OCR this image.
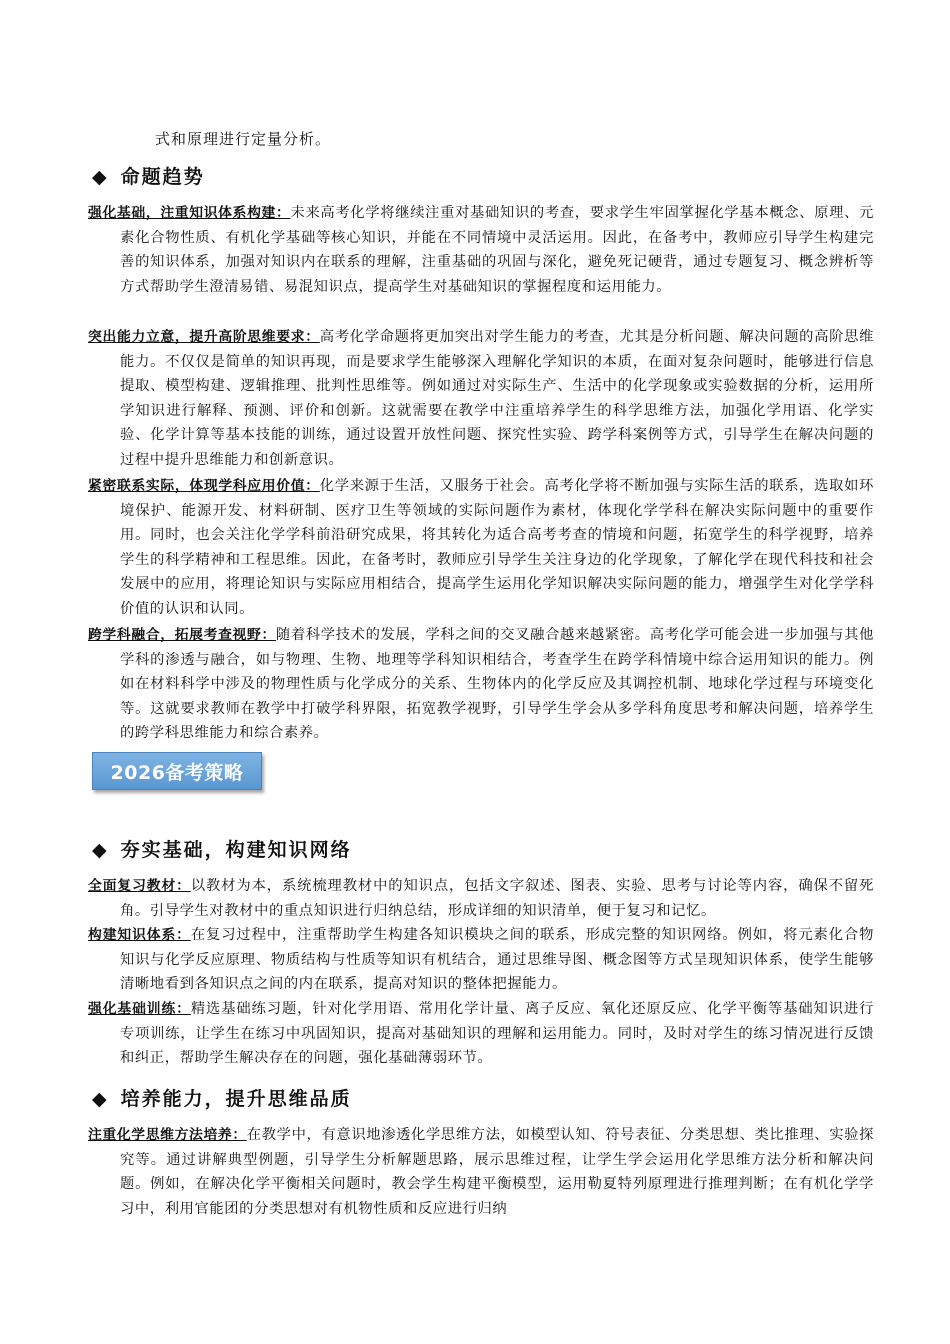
式和原理进行定量分析。
◆ 命题趋势
强化基础，注重知识体系构建：未来高考化学将继续注重对基础知识的考查，要求学生牢固掌握化学基本概念、原理、元素化合物性质、有机化学基础等核心知识，并能在不同情境中灵活运用。因此，在备考中，教师应引导学生构建完善的知识体系，加强对知识内在联系的理解，注重基础的巩固与深化，避免死记硬背，通过专题复习、概念辨析等方式帮助学生澄清易错、易混知识点，提高学生对基础知识的掌握程度和运用能力。
突出能力立意，提升高阶思维要求：高考化学命题将更加突出对学生能力的考查，尤其是分析问题、解决问题的高阶思维能力。不仅仅是简单的知识再现，而是要求学生能够深入理解化学知识的本质，在面对复杂问题时，能够进行信息提取、模型构建、逻辑推理、批判性思维等。例如通过对实际生产、生活中的化学现象或实验数据的分析，运用所学知识进行解释、预测、评价和创新。这就需要在教学中注重培养学生的科学思维方法，加强化学用语、化学实验、化学计算等基本技能的训练，通过设置开放性问题、探究性实验、跨学科案例等方式，引导学生在解决问题的过程中提升思维能力和创新意识。
紧密联系实际，体现学科应用价值：化学来源于生活，又服务于社会。高考化学将不断加强与实际生活的联系，选取如环境保护、能源开发、材料研制、医疗卫生等领域的实际问题作为素材，体现化学学科在解决实际问题中的重要作用。同时，也会关注化学学科前沿研究成果，将其转化为适合高考考查的情境和问题，拓宽学生的科学视野，培养学生的科学精神和工程思维。因此，在备考时，教师应引导学生关注身边的化学现象，了解化学在现代科技和社会发展中的应用，将理论知识与实际应用相结合，提高学生运用化学知识解决实际问题的能力，增强学生对化学学科价值的认识和认同。
跨学科融合，拓展考查视野：随着科学技术的发展，学科之间的交叉融合越来越紧密。高考化学可能会进一步加强与其他学科的渗透与融合，如与物理、生物、地理等学科知识相结合，考查学生在跨学科情境中综合运用知识的能力。例如在材料科学中涉及的物理性质与化学成分的关系、生物体内的化学反应及其调控机制、地球化学过程与环境变化等。这就要求教师在教学中打破学科界限，拓宽教学视野，引导学生学会从多学科角度思考和解决问题，培养学生的跨学科思维能力和综合素养。
2026备考策略
◆ 夯实基础，构建知识网络
全面复习教材：以教材为本，系统梳理教材中的知识点，包括文字叙述、图表、实验、思考与讨论等内容，确保不留死角。引导学生对教材中的重点知识进行归纳总结，形成详细的知识清单，便于复习和记忆。
构建知识体系：在复习过程中，注重帮助学生构建各知识模块之间的联系，形成完整的知识网络。例如，将元素化合物知识与化学反应原理、物质结构与性质等知识有机结合，通过思维导图、概念图等方式呈现知识体系，使学生能够清晰地看到各知识点之间的内在联系，提高对知识的整体把握能力。
强化基础训练：精选基础练习题，针对化学用语、常用化学计量、离子反应、氧化还原反应、化学平衡等基础知识进行专项训练，让学生在练习中巩固知识，提高对基础知识的理解和运用能力。同时，及时对学生的练习情况进行反馈和纠正，帮助学生解决存在的问题，强化基础薄弱环节。
◆ 培养能力，提升思维品质
注重化学思维方法培养：在教学中，有意识地渗透化学思维方法，如模型认知、符号表征、分类思想、类比推理、实验探究等。通过讲解典型例题，引导学生分析解题思路，展示思维过程，让学生学会运用化学思维方法分析和解决问题。例如，在解决化学平衡相关问题时，教会学生构建平衡模型，运用勒夏特列原理进行推理判断；在有机化学学习中，利用官能团的分类思想对有机物性质和反应进行归纳
